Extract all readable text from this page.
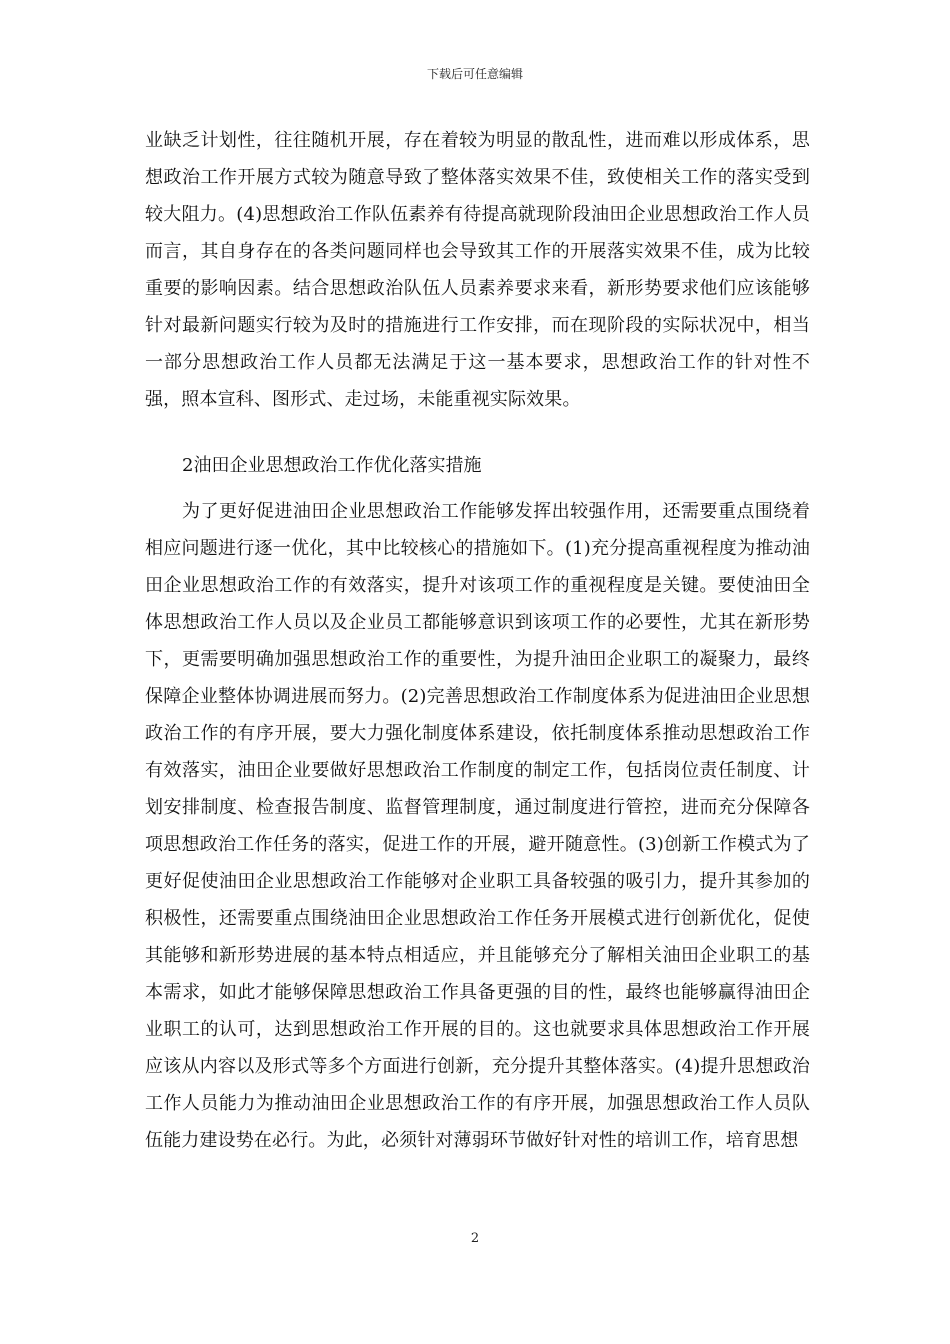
下载后可任意编辑

业缺乏计划性，往往随机开展，存在着较为明显的散乱性，进而难以形成体系，思想政治工作开展方式较为随意导致了整体落实效果不佳，致使相关工作的落实受到较大阻力。(4)思想政治工作队伍素养有待提高就现阶段油田企业思想政治工作人员而言，其自身存在的各类问题同样也会导致其工作的开展落实效果不佳，成为比较重要的影响因素。结合思想政治队伍人员素养要求来看，新形势要求他们应该能够针对最新问题实行较为及时的措施进行工作安排，而在现阶段的实际状况中，相当一部分思想政治工作人员都无法满足于这一基本要求，思想政治工作的针对性不强，照本宣科、图形式、走过场，未能重视实际效果。

2油田企业思想政治工作优化落实措施

为了更好促进油田企业思想政治工作能够发挥出较强作用，还需要重点围绕着相应问题进行逐一优化，其中比较核心的措施如下。(1)充分提高重视程度为推动油田企业思想政治工作的有效落实，提升对该项工作的重视程度是关键。要使油田全体思想政治工作人员以及企业员工都能够意识到该项工作的必要性，尤其在新形势下，更需要明确加强思想政治工作的重要性，为提升油田企业职工的凝聚力，最终保障企业整体协调进展而努力。(2)完善思想政治工作制度体系为促进油田企业思想政治工作的有序开展，要大力强化制度体系建设，依托制度体系推动思想政治工作有效落实，油田企业要做好思想政治工作制度的制定工作，包括岗位责任制度、计划安排制度、检查报告制度、监督管理制度，通过制度进行管控，进而充分保障各项思想政治工作任务的落实，促进工作的开展，避开随意性。(3)创新工作模式为了更好促使油田企业思想政治工作能够对企业职工具备较强的吸引力，提升其参加的积极性，还需要重点围绕油田企业思想政治工作任务开展模式进行创新优化，促使其能够和新形势进展的基本特点相适应，并且能够充分了解相关油田企业职工的基本需求，如此才能够保障思想政治工作具备更强的目的性，最终也能够赢得油田企业职工的认可，达到思想政治工作开展的目的。这也就要求具体思想政治工作开展应该从内容以及形式等多个方面进行创新，充分提升其整体落实。(4)提升思想政治工作人员能力为推动油田企业思想政治工作的有序开展，加强思想政治工作人员队伍能力建设势在必行。为此，必须针对薄弱环节做好针对性的培训工作，培育思想

2
